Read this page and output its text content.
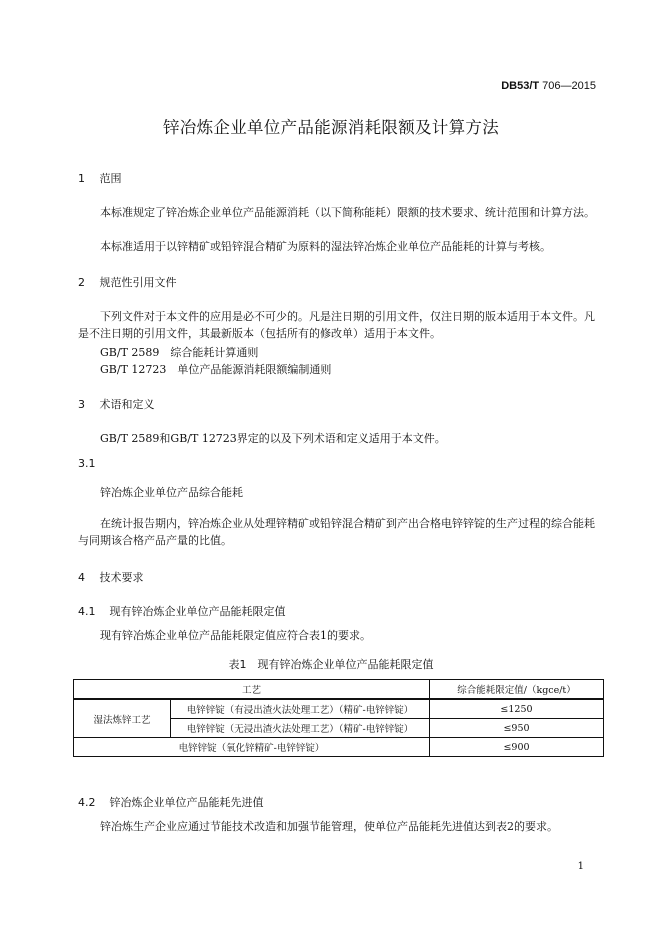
DB53/T 706—2015
锌冶炼企业单位产品能源消耗限额及计算方法
1 范围
本标准规定了锌冶炼企业单位产品能源消耗（以下简称能耗）限额的技术要求、统计范围和计算方法。
本标准适用于以锌精矿或铅锌混合精矿为原料的湿法锌冶炼企业单位产品能耗的计算与考核。
2 规范性引用文件
下列文件对于本文件的应用是必不可少的。凡是注日期的引用文件，仅注日期的版本适用于本文件。凡是不注日期的引用文件，其最新版本（包括所有的修改单）适用于本文件。
GB/T 2589　综合能耗计算通则
GB/T 12723　单位产品能源消耗限额编制通则
3 术语和定义
GB/T 2589和GB/T 12723界定的以及下列术语和定义适用于本文件。
3.1
锌冶炼企业单位产品综合能耗
在统计报告期内，锌冶炼企业从处理锌精矿或铅锌混合精矿到产出合格电锌锌锭的生产过程的综合能耗与同期该合格产品产量的比值。
4 技术要求
4.1 现有锌冶炼企业单位产品能耗限定值
现有锌冶炼企业单位产品能耗限定值应符合表1的要求。
表1　现有锌冶炼企业单位产品能耗限定值
工艺		综合能耗限定值/（kgce/t）
湿法炼锌工艺	电锌锌锭（有浸出渣火法处理工艺）（精矿-电锌锌锭）	≤1250
	电锌锌锭（无浸出渣火法处理工艺）（精矿-电锌锌锭）	≤950
电锌锌锭（氧化锌精矿-电锌锌锭）		≤900
4.2 锌冶炼企业单位产品能耗先进值
锌冶炼生产企业应通过节能技术改造和加强节能管理，使单位产品能耗先进值达到表2的要求。
1
